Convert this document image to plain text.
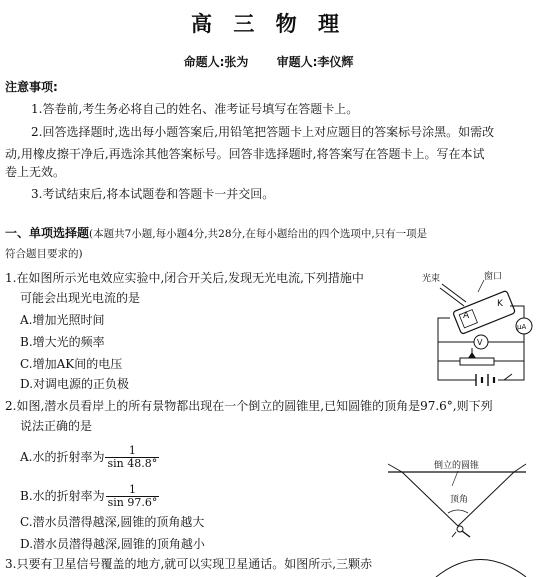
高 三 物 理
命题人:张为 审题人:李仪辉
注意事项:
1.答卷前,考生务必将自己的姓名、准考证号填写在答题卡上。
2.回答选择题时,选出每小题答案后,用铅笔把答题卡上对应题目的答案标号涂黑。如需改
动,用橡皮擦干净后,再选涂其他答案标号。回答非选择题时,将答案写在答题卡上。写在本试
卷上无效。
3.考试结束后,将本试题卷和答题卡一并交回。
一、单项选择题(本题共7小题,每小题4分,共28分,在每小题给出的四个选项中,只有一项是
符合题目要求的)
1.在如图所示光电效应实验中,闭合开关后,发现无光电流,下列措施中
可能会出现光电流的是
A.增加光照时间
B.增大光的频率
C.增加AK间的电压
D.对调电源的正负极
光束	窗口
A
K
μA
V
2.如图,潜水员看岸上的所有景物都出现在一个倒立的圆锥里,已知圆锥的顶角是97.6°,则下列
说法正确的是
A.水的折射率为 $\frac{1}{\sin 48.8^\circ}$
B.水的折射率为 $\frac{1}{\sin 97.6^\circ}$
C.潜水员潜得越深,圆锥的顶角越大
D.潜水员潜得越深,圆锥的顶角越小
倒立的圆锥
顶角
3.只要有卫星信号覆盖的地方,就可以实现卫星通话。如图所示,三颗赤
